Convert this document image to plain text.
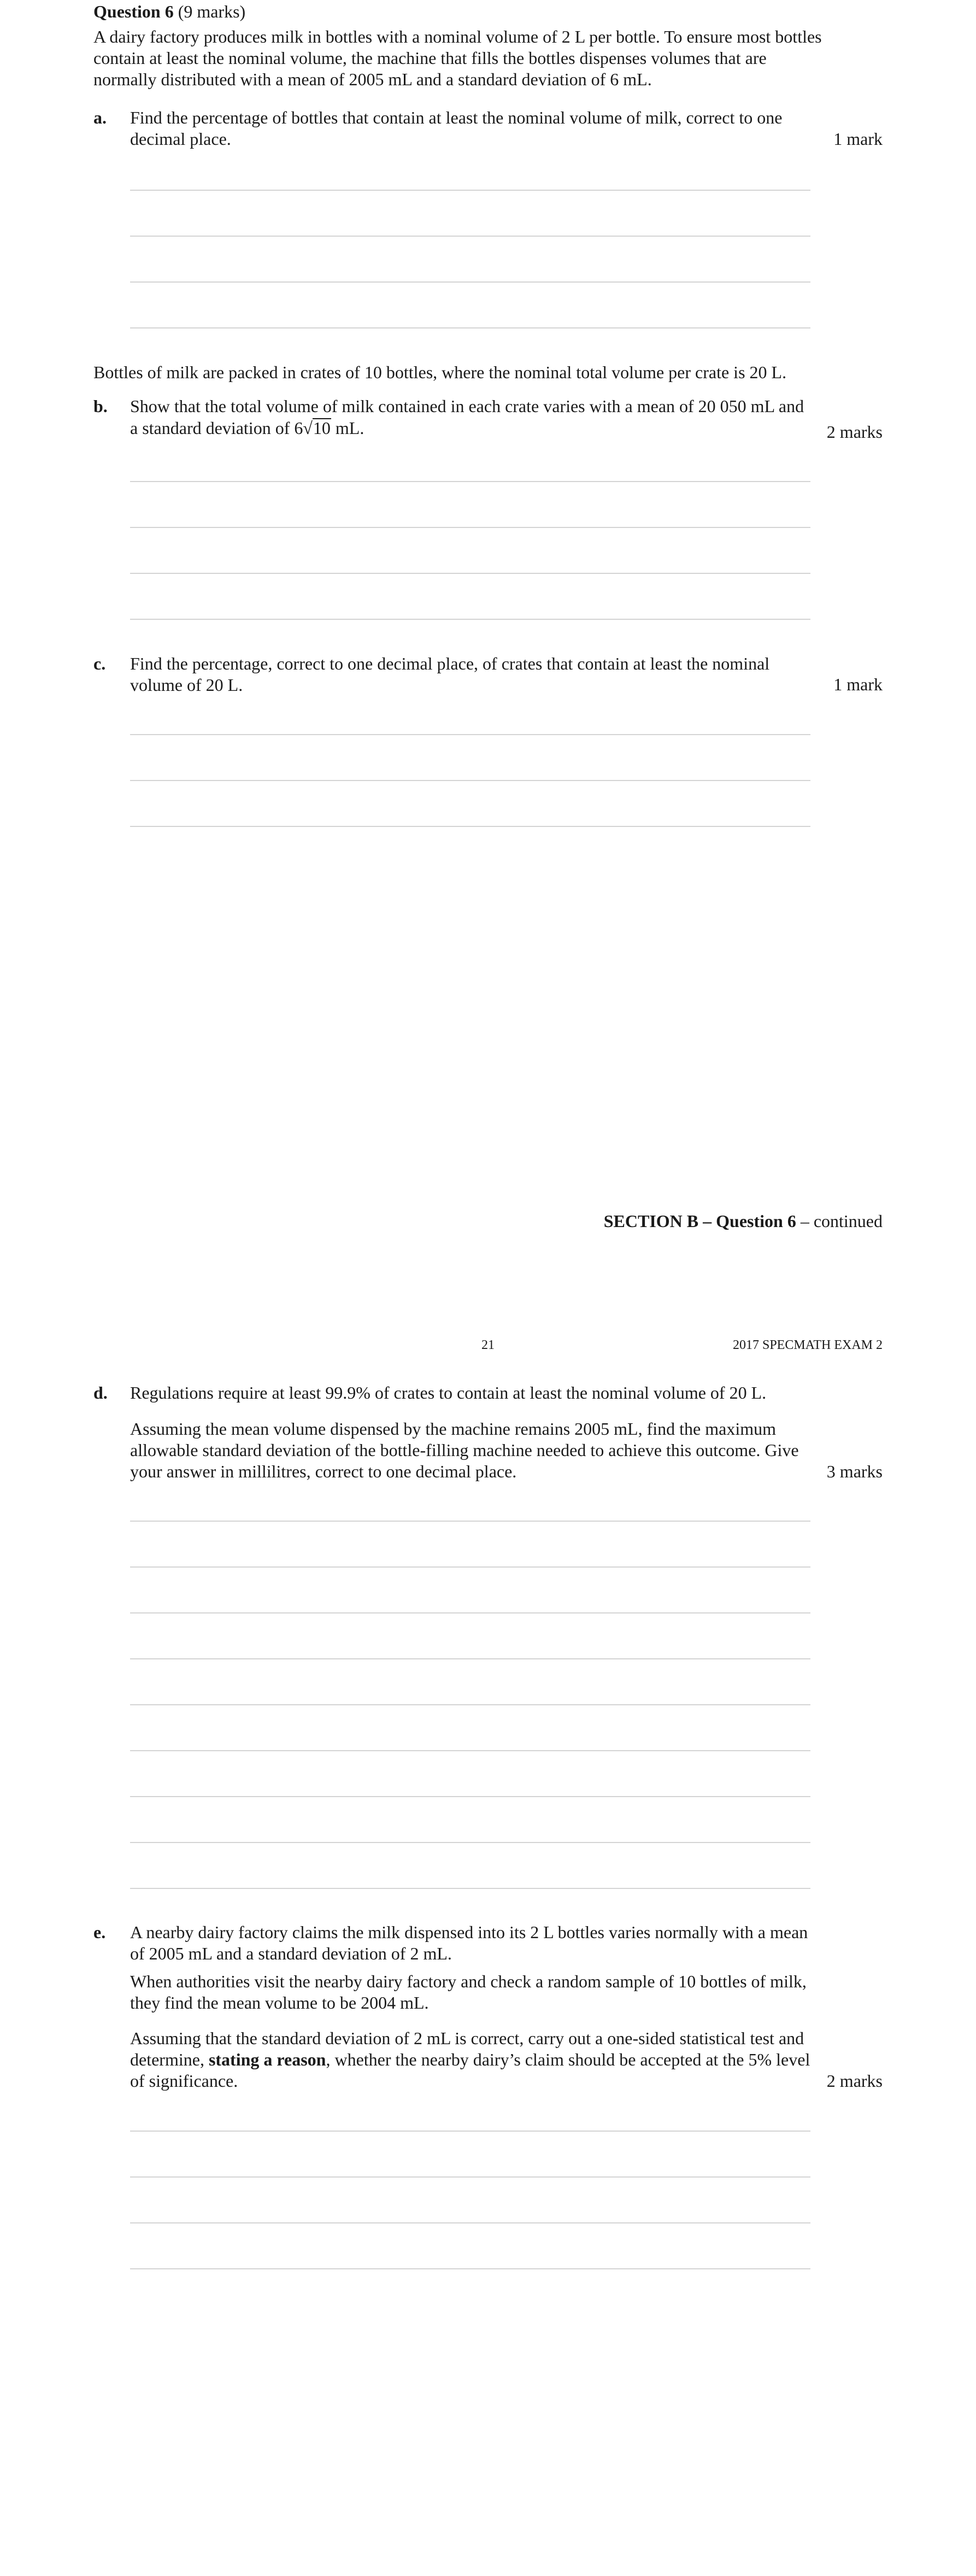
Question 6 (9 marks)
A dairy factory produces milk in bottles with a nominal volume of 2 L per bottle. To ensure most bottles contain at least the nominal volume, the machine that fills the bottles dispenses volumes that are normally distributed with a mean of 2005 mL and a standard deviation of 6 mL.
a. Find the percentage of bottles that contain at least the nominal volume of milk, correct to one decimal place.	1 mark
Bottles of milk are packed in crates of 10 bottles, where the nominal total volume per crate is 20 L.
b. Show that the total volume of milk contained in each crate varies with a mean of 20 050 mL and a standard deviation of 6√10 mL.	2 marks
c. Find the percentage, correct to one decimal place, of crates that contain at least the nominal volume of 20 L.	1 mark
SECTION B – Question 6 – continued
21	2017 SPECMATH EXAM 2
d. Regulations require at least 99.9% of crates to contain at least the nominal volume of 20 L.
Assuming the mean volume dispensed by the machine remains 2005 mL, find the maximum allowable standard deviation of the bottle-filling machine needed to achieve this outcome. Give your answer in millilitres, correct to one decimal place.	3 marks
e. A nearby dairy factory claims the milk dispensed into its 2 L bottles varies normally with a mean of 2005 mL and a standard deviation of 2 mL.
When authorities visit the nearby dairy factory and check a random sample of 10 bottles of milk, they find the mean volume to be 2004 mL.
Assuming that the standard deviation of 2 mL is correct, carry out a one-sided statistical test and determine, stating a reason, whether the nearby dairy’s claim should be accepted at the 5% level of significance.	2 marks
